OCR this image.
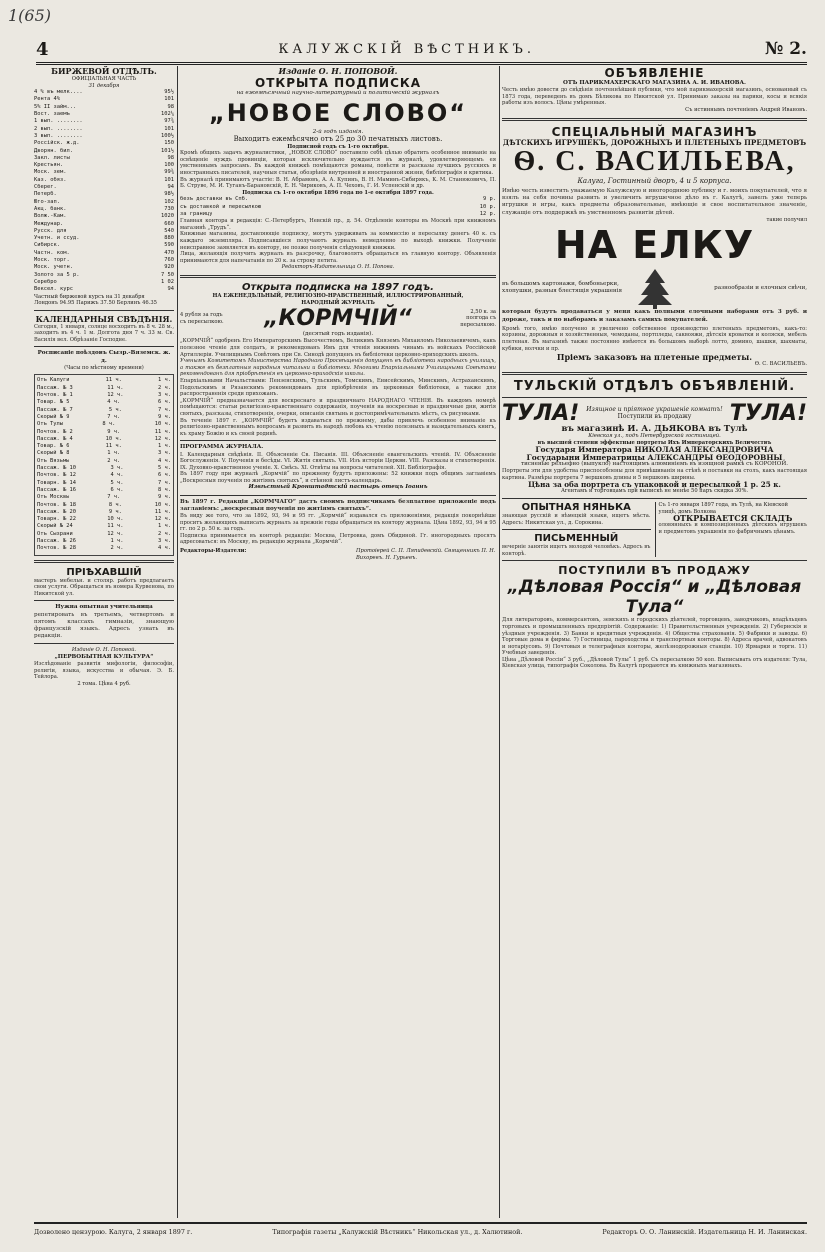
1(65)
4	КАЛУЖСКІЙ ВѢСТНИКЪ.	№ 2.
БИРЖЕВОЙ ОТДѢЛЪ.
ОФИЦІАЛЬНАЯ ЧАСТЬ
31 декабря
4 % въ мелк....	95½
Рента 4%	101
5% II займ...	98
Вост. заемъ	102¼
1 вып. ........	97¾
2 вып. ........	101
3 вып. ........	100½
Россійск. ж.д.	150
Дворян. бил.	101½
Закл. листы	98
Крестьян.	100
Моск. зем.	99¾
Каз. обяз.	101
Сберег.	94
Петерб.	98½
Юго-зап.	102
Акц. банк.	730
Волж.-Кам.	1020
Междунар.	660
Русск. для	540
Учетн. и ссуд.	880
Сибирск.	590
Частн. ком.	470
Моск. торг.	760
Моск. учетн.	920
Золото за 5 р.	7 50
Серебро	1 02
Вексел. курс	94
Частный биржевой курсъ на 31 декабря
Лондонъ 94.95 Парижъ 37.50 Берлинъ 46.35
КАЛЕНДАРНЫЯ СВѢДѢНІЯ.
Сегодня, 1 января, солнце восходитъ въ 8 ч. 28 м., заходитъ въ 4 ч. 1 м. Долгота дня 7 ч. 33 м. Св. Василія вел. Обрѣзаніе Господне.
Росписаніе поѣздовъ Сызр.-Вяземск. ж. д.
(Часы по мѣстному времени)
Отъ Калуги	11 ч.	1 ч.
Пассаж. № 3	11 ч.	2 ч.
Почтов. № 1	12 ч.	3 ч.
Товар. № 5	4 ч.	6 ч.
Пассаж. № 7	5 ч.	7 ч.
Скорый № 9	7 ч.	9 ч.
Отъ Тулы	8 ч.	10 ч.
Почтов. № 2	9 ч.	11 ч.
Пассаж. № 4	10 ч.	12 ч.
Товар. № 6	11 ч.	1 ч.
Скорый № 8	1 ч.	3 ч.
Отъ Вязьмы	2 ч.	4 ч.
Пассаж. № 10	3 ч.	5 ч.
Почтов. № 12	4 ч.	6 ч.
Товарн. № 14	5 ч.	7 ч.
Пассаж. № 16	6 ч.	8 ч.
Отъ Москвы	7 ч.	9 ч.
Почтов. № 18	8 ч.	10 ч.
Пассаж. № 20	9 ч.	11 ч.
Товарн. № 22	10 ч.	12 ч.
Скорый № 24	11 ч.	1 ч.
Отъ Сызрани	12 ч.	2 ч.
Пассаж. № 26	1 ч.	3 ч.
Почтов. № 28	2 ч.	4 ч.
ПРІѢХАВШІЙ
мастеръ мебельн. и столяр. работъ предлагаетъ свои услуги. Обращаться въ номера Курвенова, по Никитской ул.
Нужна опытная учительница
репетировать въ третьемъ, четвертомъ и пятомъ классахъ гимназіи, знающую французскій языкъ. Адресъ узнать въ редакціи.
Изданіе О. Н. Поповой.
„ПЕРВОБЫТНАЯ КУЛЬТУРА“
Изслѣдованіе развитія мифологіи, философіи, религіи, языка, искусства и обычая. Э. Б. Тейлора.
2 тома. Цѣна 4 руб.
Изданіе О. Н. ПОПОВОЙ.
ОТКРЫТА ПОДПИСКА
на ежемѣсячный научно-литературный и политическій журналъ
„НОВОЕ СЛОВО“
2-й годъ изданія.
Выходитъ ежемѣсячно отъ 25 до 30 печатныхъ листовъ.
Подписной годъ съ 1-го октября.
Кромѣ общихъ задачъ журналистики, „НОВОЕ СЛОВО“ поставило себѣ цѣлью обратить особенное вниманіе на освѣщеніе нуждъ провинціи, которая исключительно нуждается въ журналѣ, удовлетворяющемъ ея умственнымъ запросамъ. Въ каждой книжкѣ помѣщаются романы, повѣсти и разсказы лучшихъ русскихъ и иностранныхъ писателей, научныя статьи, обозрѣнія внутренней и иностранной жизни, библіографія и критика.
Въ журналѣ принимаютъ участіе: В. Н. Абрамовъ, А. А. Купинъ, В. Н. Маминъ-Сибирякъ, К. М. Станюковичъ, П. Б. Струве, М. И. Туганъ-Барановскій, Е. Н. Чириковъ, А. П. Чеховъ, Г. И. Успенскій и др.
Подписка съ 1-го октября 1896 года по 1-е октября 1897 года.
безъ доставки въ Спб.	9 р.
съ доставкой и пересылкою	10 р.
за границу	12 р.
Главная контора и редакція: С.-Петербургъ, Невскій пр., д. 54. Отдѣленіе конторы въ Москвѣ при книжномъ магазинѣ „Трудъ“.
Книжные магазины, доставляющіе подписку, могутъ удерживать за коммиссію и пересылку денегъ 40 к. съ каждаго экземпляра. Подписавшіеся получаютъ журналъ немедленно по выходѣ книжки. Полученіе неисправное заявляется въ контору, не позже полученія слѣдующей книжки.
Лица, желающія получить журналъ въ разсрочку, благоволятъ обращаться въ главную контору. Объявленія принимаются для напечатанія по 20 к. за строку петита.
Редакторъ-Издательница О. Н. Попова.
Открыта подписка на 1897 годъ.
НА ЕЖЕНЕДѢЛЬНЫЙ, РЕЛИГІОЗНО-НРАВСТВЕННЫЙ, ИЛЛЮСТРИРОВАННЫЙ,
НАРОДНЫЙ ЖУРНАЛЪ
4 рубля за годъ съ пересылкою.	„КОРМЧІЙ“	2,50 к. за полгода съ пересылкою.
(десятый годъ изданія).
„КОРМЧІЙ“ одобренъ Его Императорскимъ Высочествомъ, Великимъ Княземъ Михаиломъ Николаевичемъ, какъ полезное чтеніе для солдатъ, и рекомендованъ Имъ для чтенія нижнимъ чинамъ въ войскахъ Россійской Артиллеріи. Училищнымъ Совѣтомъ при Св. Синодѣ допущенъ въ библіотеки церковно-приходскихъ школъ.
Ученымъ Комитетомъ Министерства Народнаго Просвѣщенія допущенъ въ библіотеки народныхъ училищъ, а также въ безплатныя народныя читальни и библіотеки. Многими Епархіальными Училищными Совѣтами рекомендованъ для пріобрѣтенія въ церковно-приходскія школы.
Епархіальными Начальствами: Пензенскимъ, Тульскимъ, Томскимъ, Енисейскимъ, Минскимъ, Астраханскимъ, Подольскимъ и Рязанскимъ рекомендованъ для пріобрѣтенія въ церковныя библіотеки, а также для распространенія среди прихожанъ.
„КОРМЧІЙ“ предназначается для воскреснаго и праздничнаго НАРОДНАГО ЧТЕНІЯ. Въ каждомъ номерѣ помѣщаются: статьи религіозно-нравственнаго содержанія, поученія на воскресные и праздничные дни, житія святыхъ, разсказы, стихотворенія, очерки, описанія святынь и достопримѣчательныхъ мѣстъ, съ рисунками.
Въ теченіе 1897 г. „КОРМЧІЙ“ будетъ издаваться по прежнему, дабы привлечь особенное вниманіе къ религіозно-нравственнымъ вопросамъ и развить въ народѣ любовь къ чтенію полезныхъ и назидательныхъ книгъ, къ храму Божію и къ своей родинѣ.
ПРОГРАММА ЖУРНАЛА.
I. Календарныя свѣдѣнія. II. Объясненіе Св. Писанія. III. Объясненіе евангельскихъ чтеній. IV. Объясненіе Богослуженія. V. Поученія и бесѣды. VI. Житія святыхъ. VII. Изъ исторіи Церкви. VIII. Разсказы и стихотворенія. IX. Духовно-нравственное ученіе. X. Смѣсь. XI. Отвѣты на вопросы читателей. XII. Библіографія.
Въ 1897 году при журналѣ „Кормчій“ по прежнему будутъ приложены: 52 книжки подъ общимъ заглавіемъ „Воскресныя поученія по житіямъ святыхъ“, и стѣнной листъ-календарь.
Извѣстный Кронштадтскій пастырь отецъ Іоаннъ
Въ 1897 г. Редакція „КОРМЧАГО“ дастъ своимъ подписчикамъ безплатное приложеніе подъ заглавіемъ: „воскресныя поученія по житіямъ святыхъ“.
Въ виду же того, что за 1892, 93, 94 и 95 гг. „Кормчій“ издавался съ приложеніями, редакція покорнѣйше проситъ желающихъ выписать журналъ за прежніе годы обращаться въ контору журнала. Цѣна 1892, 93, 94 и 95 гг. по 2 р. 50 к. за годъ.
Подписка принимается въ конторѣ редакціи: Москва, Петровка, домъ Обидиной. Гг. иногородныхъ просятъ адресоваться: въ Москву, въ редакцію журнала „Кормчій“.
Редакторы-Издатели:	Протоіерей С. П. Ляпидевскій. Священникъ П. Н. Вихоревъ. Н. Гурьевъ.
ОБЪЯВЛЕНІЕ
ОТЪ ПАРИКМАХЕРСКАГО МАГАЗИНА А. И. ИВАНОВА.
Честь имѣю довести до свѣдѣнія почтеннѣйшей публики, что мой парикмахерскій магазинъ, основанный съ 1873 года, переведенъ въ домъ Бѣликова по Никитской ул. Принимаю заказы на парики, косы и всякія работы изъ волосъ. Цѣны умѣренныя.
Съ истиннымъ почтеніемъ Андрей Ивановъ.
СПЕЦІАЛЬНЫЙ МАГАЗИНЪ
ДѢТСКИХЪ ИГРУШЕКЪ, ДОРОЖНЫХЪ И ПЛЕТЕНЫХЪ ПРЕДМЕТОВЪ
Ѳ. С. ВАСИЛЬЕВА,
Калуга, Гостинный дворъ, 4 и 5 корпуса.
Имѣю честь известить уважаемую Калужскую и иногороднюю публику и г. моихъ покупателей, что я взялъ на себя почины развить и увеличить игрушечное дѣло въ г. Калугѣ, завелъ уже теперь игрушки и игры, какъ предметы образовательные, имѣющіе и свое воспитательное значеніе, служащіе отъ поддержкѣ въ умственномъ развитіи дѣтей.
такие получил
НА ЕЛКУ
въ большомъ картонажи, бомбоньерки, хлопушки, разныя блестящія украшенія
разнообразіи и елочныя свѣчи,
которыя будутъ продаваться у меня какъ полными елочными наборами отъ 3 руб. и дороже, такъ и по выборамъ и заказамъ самихъ покупателей.
Кромѣ того, имѣю получено и увеличено собственное производство плетеныхъ предметовъ, какъ-то: корзины, дорожныя и хозяйственныя, чемоданы, портпледы, саквояжи, дѣтскія кроватки и коляски, мебель плетеная. Въ магазинѣ также постоянно имѣются въ большомъ выборѣ лотто, домино, шашки, шахматы, кубики, волчки и пр.
Пріемъ заказовъ на плетеные предметы.
Ѳ. С. ВАСИЛЬЕВЪ.
ТУЛЬСКІЙ ОТДѢЛЪ ОБЪЯВЛЕНІЙ.
ТУЛА!	Изящное и пріятное украшеніе комнатъ!
Поступили въ продажу	ТУЛА!
въ магазинѣ И. А. ДЬЯКОВА въ Тулѣ
Кіевская ул., подъ Петербургской гостиницей.
въ высшей степени эффектные портреты Ихъ Императорскихъ Величествъ
Государя Императора НИКОЛАЯ АЛЕКСАНДРОВИЧА
Государыни Императрицы АЛЕКСАНДРЫ ѲЕОДОРОВНЫ
тисненые рельефно (выпукло) настоящимъ алюминіемъ въ изящной рамкѣ съ КОРОНОЙ.
Портреты эти для удобства приспособлены для привѣшиванія на стѣнѣ и поставки на столъ, какъ настоящая картина. Размѣры портрета 7 вершковъ длины и 5 вершковъ ширины.
Цѣна за оба портрета съ упаковкой и пересылкой 1 р. 25 к.
Агентамъ и торговцамъ при выпискѣ не менѣе 50 паръ скидка 30%.
ОПЫТНАЯ НЯНЬКА
знающая русскій и нѣмецкій языки, ищетъ мѣста. Адресъ: Никитская ул., д. Сорокина.
ПИСЬМЕННЫЙ
вечерніе занятія ищетъ молодой человѣкъ. Адресъ въ конторѣ.
Съ 1-го января 1897 года, въ Тулѣ, на Кіевской улицѣ, домъ Волкова
ОТКРЫВАЕТСЯ СКЛАДЪ
оловянныхъ и композиціонныхъ дѣтскихъ игрушекъ и предметовъ украшенія по фабричнымъ цѣнамъ.
ПОСТУПИЛИ ВЪ ПРОДАЖУ
„Дѣловая Россія“ и „Дѣловая Тула“
Для литераторовъ, коммерсантовъ, земскихъ и городскихъ дѣятелей, торговцевъ, заводчиковъ, владѣльцевъ торговыхъ и промышленныхъ предпріятій. Содержаніе: 1) Правительственныя учрежденія. 2) Губернскія и уѣздныя учрежденія. 3) Банки и кредитныя учрежденія. 4) Общества страхованія. 5) Фабрики и заводы. 6) Торговые дома и фирмы. 7) Гостиницы, пароходства и транспортныя конторы. 8) Адреса врачей, адвокатовъ и нотаріусовъ. 9) Почтовыя и телеграфныя конторы, желѣзнодорожныя станціи. 10) Ярмарки и торги. 11) Учебныя заведенія.
Цѣна „Дѣловой Россіи“ 3 руб., „Дѣловой Тулы“ 1 руб. Съ пересылкою 50 коп. Выписывать отъ издателя: Тула, Кіевская улица, типографія Соколова. Въ Калугѣ продаются въ книжныхъ магазинахъ.
Дозволено цензурою. Калуга, 2 января 1897 г.	Типографія газеты „Калужскій Вѣстникъ“ Никольская ул., д. Халютиной.	Редакторъ О. О. Ланинскій. Издательница Н. И. Ланинская.
